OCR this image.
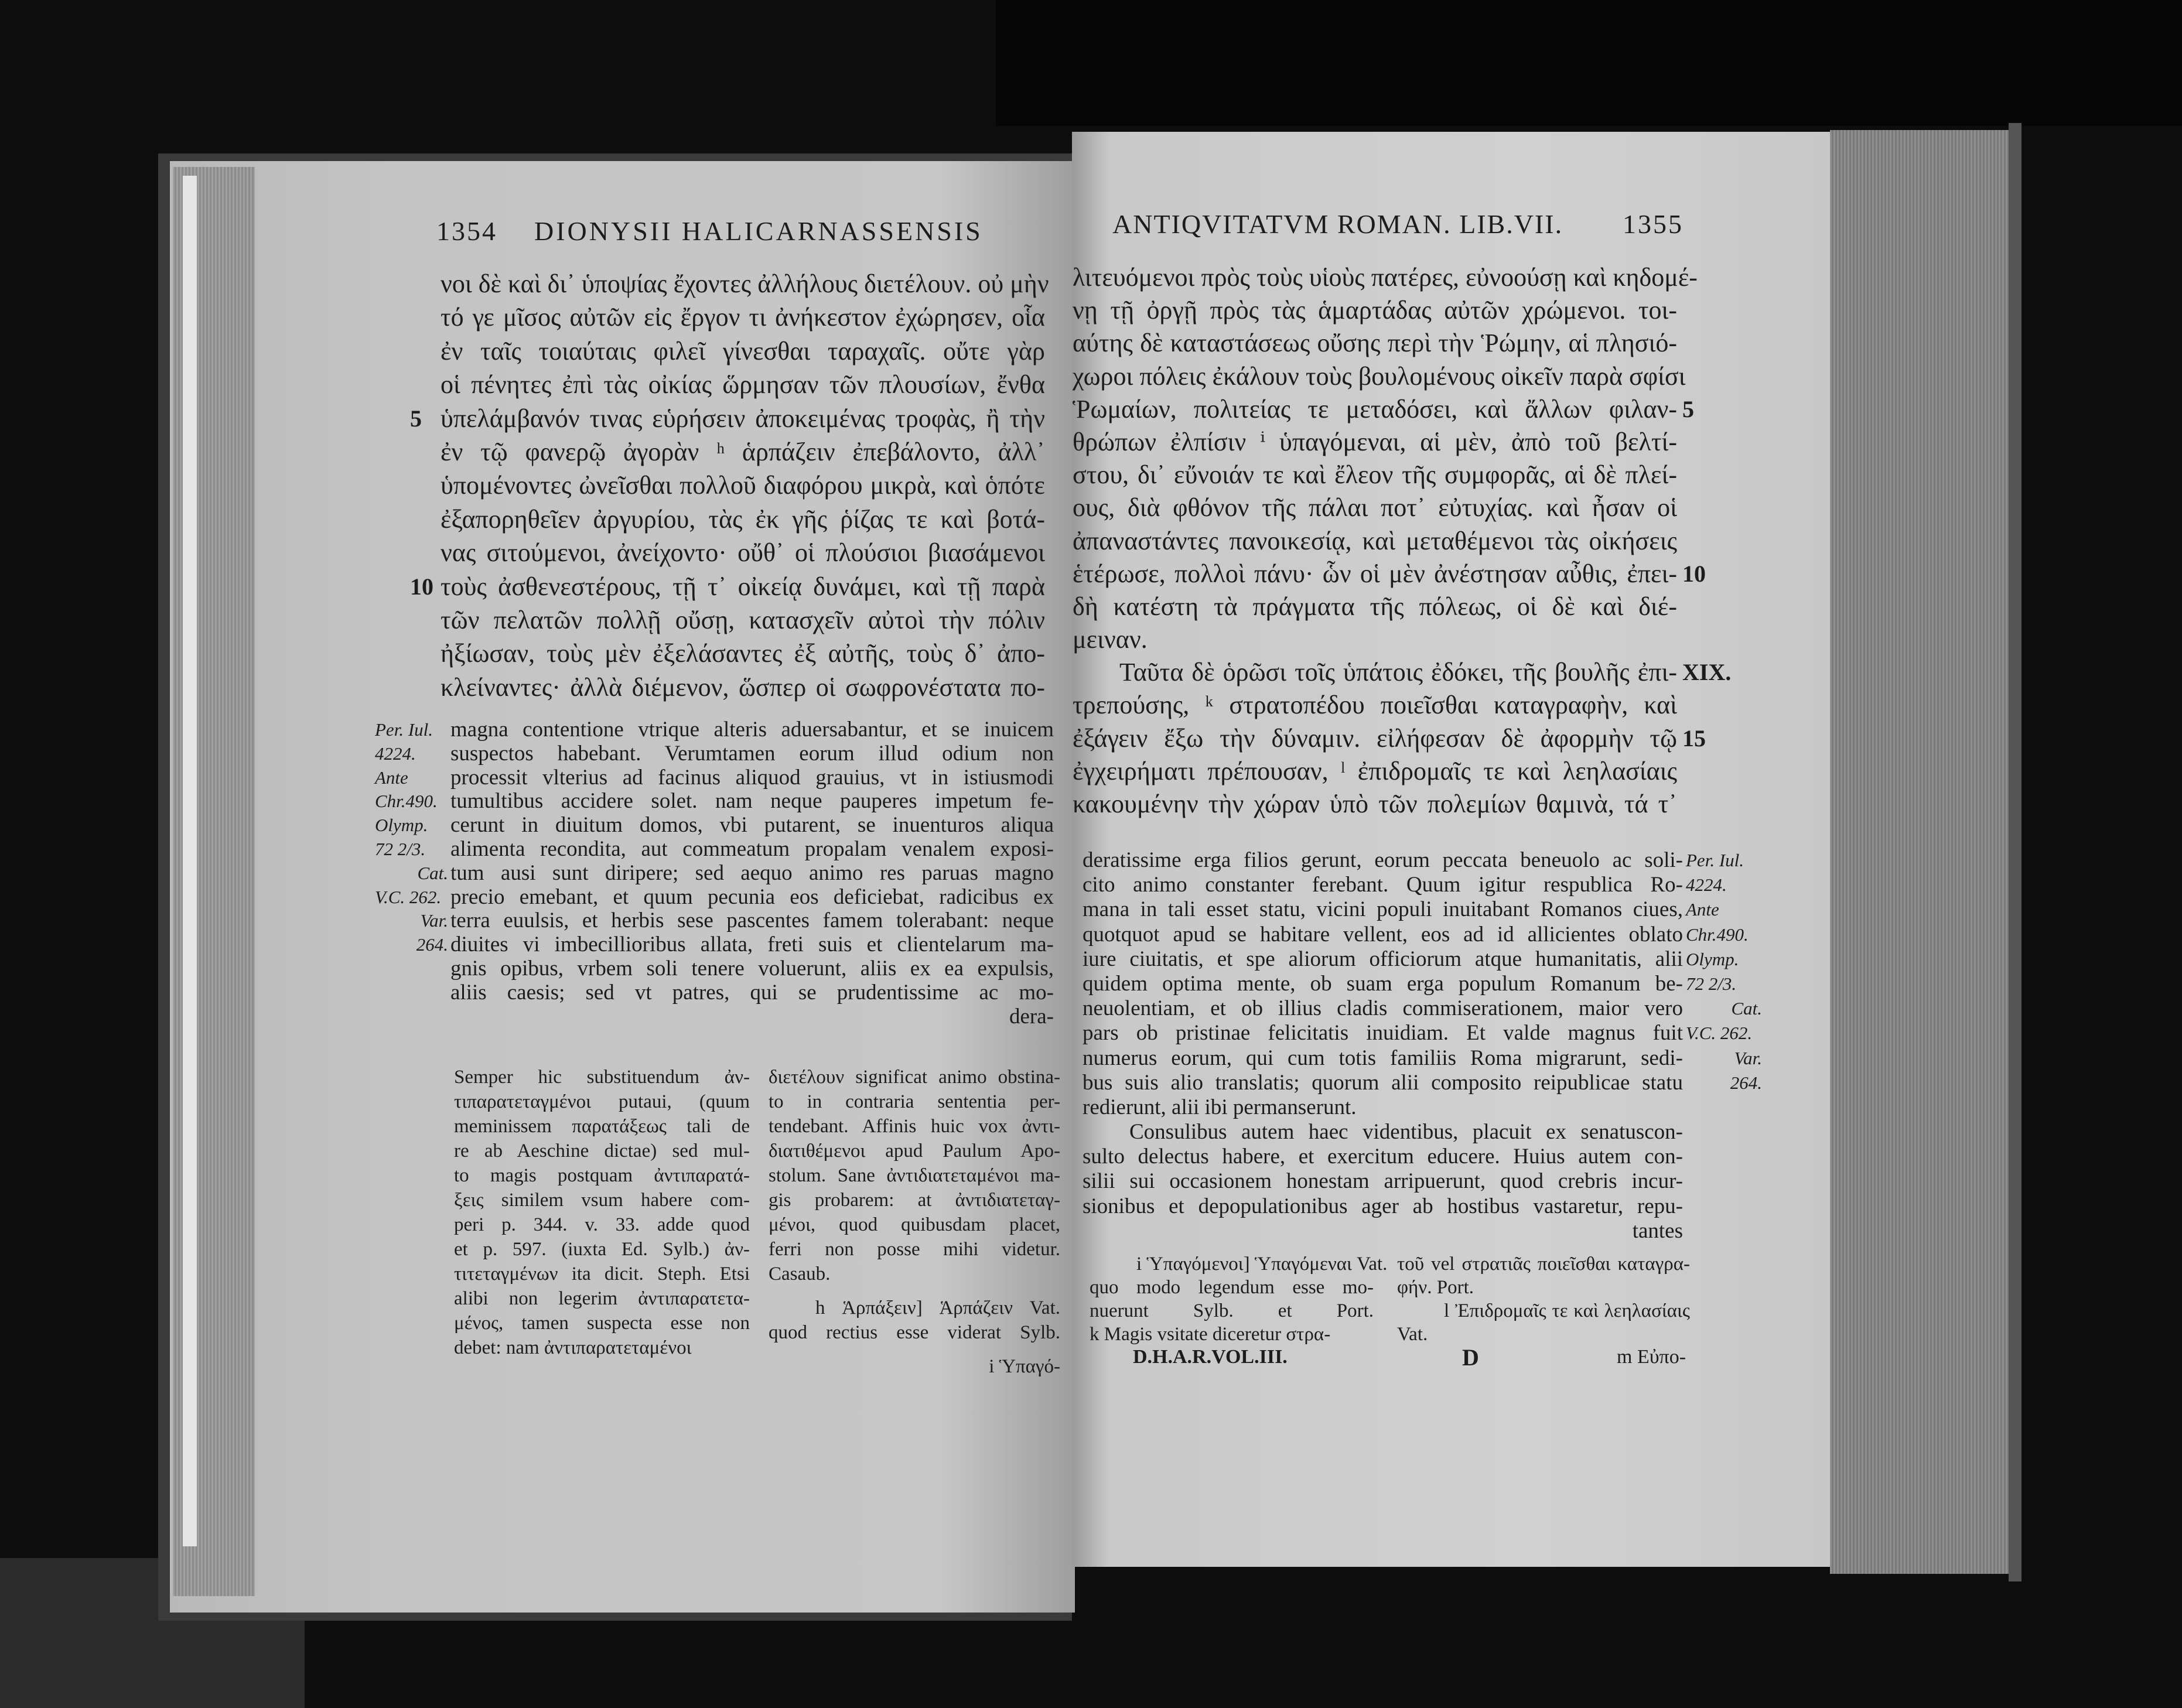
1354 DIONYSII HALICARNASSENSIS
νοι δὲ καὶ δι᾽ ὑποψίας ἔχοντες ἀλλήλους διετέλουν. οὐ μὴν
τό γε μῖσος αὐτῶν εἰς ἔργον τι ἀνήκεστον ἐχώρησεν, οἷα
ἐν ταῖς τοιαύταις φιλεῖ γίνεσθαι ταραχαῖς. οὔτε γὰρ
οἱ πένητες ἐπὶ τὰς οἰκίας ὥρμησαν τῶν πλουσίων, ἔνθα
ὑπελάμβανόν τινας εὑρήσειν ἀποκειμένας τροφὰς, ἢ τὴν
ἐν τῷ φανερῷ ἀγορὰν ʰ ἁρπάζειν ἐπεβάλοντο, ἀλλ᾽
ὑπομένοντες ὠνεῖσθαι πολλοῦ διαφόρου μικρὰ, καὶ ὁπότε
ἐξαπορηθεῖεν ἀργυρίου, τὰς ἐκ γῆς ῥίζας τε καὶ βοτά-
νας σιτούμενοι, ἀνείχοντο· οὔθ᾽ οἱ πλούσιοι βιασάμενοι
τοὺς ἀσθενεστέρους, τῇ τ᾽ οἰκείᾳ δυνάμει, καὶ τῇ παρὰ
τῶν πελατῶν πολλῇ οὔσῃ, κατασχεῖν αὐτοὶ τὴν πόλιν
ἠξίωσαν, τοὺς μὲν ἐξελάσαντες ἐξ αὐτῆς, τοὺς δ᾽ ἀπο-
κλείναντες· ἀλλὰ διέμενον, ὥσπερ οἱ σωφρονέστατα πο-
5
10
magna contentione vtrique alteris aduersabantur, et se inuicem
suspectos habebant. Verumtamen eorum illud odium non
processit vlterius ad facinus aliquod grauius, vt in istiusmodi
tumultibus accidere solet. nam neque pauperes impetum fe-
cerunt in diuitum domos, vbi putarent, se inuenturos aliqua
alimenta recondita, aut commeatum propalam venalem exposi-
tum ausi sunt diripere; sed aequo animo res paruas magno
precio emebant, et quum pecunia eos deficiebat, radicibus ex
terra euulsis, et herbis sese pascentes famem tolerabant: neque
diuites vi imbecillioribus allata, freti suis et clientelarum ma-
gnis opibus, vrbem soli tenere voluerunt, aliis ex ea expulsis,
aliis caesis; sed vt patres, qui se prudentissime ac mo-
dera-
Per. Iul.
4224.
Ante
Chr.490.
Olymp.
72 2/3.
Cat.
V.C. 262.
Var.
264.
Semper hic substituendum ἀν-
τιπαρατεταγμένοι putaui, (quum
meminissem παρατάξεως tali de
re ab Aeschine dictae) sed mul-
to magis postquam ἀντιπαρατά-
ξεις similem vsum habere com-
peri p. 344. v. 33. adde quod
et p. 597. (iuxta Ed. Sylb.) ἀν-
τιτεταγμένων ita dicit. Steph. Etsi
alibi non legerim ἀντιπαρατετα-
μένος, tamen suspecta esse non
debet: nam ἀντιπαρατεταμένοι
διετέλουν significat animo obstina-
to in contraria sententia per-
tendebant. Affinis huic vox ἀντι-
διατιθέμενοι apud Paulum Apo-
stolum. Sane ἀντιδιατεταμένοι ma-
gis probarem: at ἀντιδιατεταγ-
μένοι, quod quibusdam placet,
ferri non posse mihi videtur.
Casaub.
h Ἁρπάξειν] Ἁρπάζειν Vat.
quod rectius esse viderat Sylb.
i Ὑπαγό-
ANTIQVITATVM ROMAN. LIB.VII. 1355
λιτευόμενοι πρὸς τοὺς υἱοὺς πατέρες, εὐνοούσῃ καὶ κηδομέ-
νῃ τῇ ὀργῇ πρὸς τὰς ἁμαρτάδας αὐτῶν χρώμενοι. τοι-
αύτης δὲ καταστάσεως οὔσης περὶ τὴν Ῥώμην, αἱ πλησιό-
χωροι πόλεις ἐκάλουν τοὺς βουλομένους οἰκεῖν παρὰ σφίσι
Ῥωμαίων, πολιτείας τε μεταδόσει, καὶ ἄλλων φιλαν-
θρώπων ἐλπίσιν ⁱ ὑπαγόμεναι, αἱ μὲν, ἀπὸ τοῦ βελτί-
στου, δι᾽ εὔνοιάν τε καὶ ἔλεον τῆς συμφορᾶς, αἱ δὲ πλεί-
ους, διὰ φθόνον τῆς πάλαι ποτ᾽ εὐτυχίας. καὶ ἦσαν οἱ
ἀπαναστάντες πανοικεσίᾳ, καὶ μεταθέμενοι τὰς οἰκήσεις
ἑτέρωσε, πολλοὶ πάνυ· ὧν οἱ μὲν ἀνέστησαν αὖθις, ἐπει-
δὴ κατέστη τὰ πράγματα τῆς πόλεως, οἱ δὲ καὶ διέ-
μειναν.
Ταῦτα δὲ ὁρῶσι τοῖς ὑπάτοις ἐδόκει, τῆς βουλῆς ἐπι-
τρεπούσης, ᵏ στρατοπέδου ποιεῖσθαι καταγραφὴν, καὶ
ἐξάγειν ἔξω τὴν δύναμιν. εἰλήφεσαν δὲ ἀφορμὴν τῷ
ἐγχειρήματι πρέπουσαν, ˡ ἐπιδρομαῖς τε καὶ λεηλασίαις
κακουμένην τὴν χώραν ὑπὸ τῶν πολεμίων θαμινὰ, τά τ᾽
5
10
XIX.
15
deratissime erga filios gerunt, eorum peccata beneuolo ac soli-
cito animo constanter ferebant. Quum igitur respublica Ro-
mana in tali esset statu, vicini populi inuitabant Romanos ciues,
quotquot apud se habitare vellent, eos ad id allicientes oblato
iure ciuitatis, et spe aliorum officiorum atque humanitatis, alii
quidem optima mente, ob suam erga populum Romanum be-
neuolentiam, et ob illius cladis commiserationem, maior vero
pars ob pristinae felicitatis inuidiam. Et valde magnus fuit
numerus eorum, qui cum totis familiis Roma migrarunt, sedi-
bus suis alio translatis; quorum alii composito reipublicae statu
redierunt, alii ibi permanserunt.
Consulibus autem haec videntibus, placuit ex senatuscon-
sulto delectus habere, et exercitum educere. Huius autem con-
silii sui occasionem honestam arripuerunt, quod crebris incur-
sionibus et depopulationibus ager ab hostibus vastaretur, repu-
tantes
Per. Iul.
4224.
Ante
Chr.490.
Olymp.
72 2/3.
Cat.
V.C. 262.
Var.
264.
i Ὑπαγόμενοι] Ὑπαγόμεναι Vat.
quo modo legendum esse mo-
nuerunt Sylb. et Port.
k Magis vsitate diceretur στρα-
τοῦ vel στρατιᾶς ποιεῖσθαι καταγρα-
φήν. Port.
l Ἐπιδρομαῖς τε καὶ λεηλασίαις
Vat.
D.H.A.R.VOL.III.	D	m Εὐπο-
